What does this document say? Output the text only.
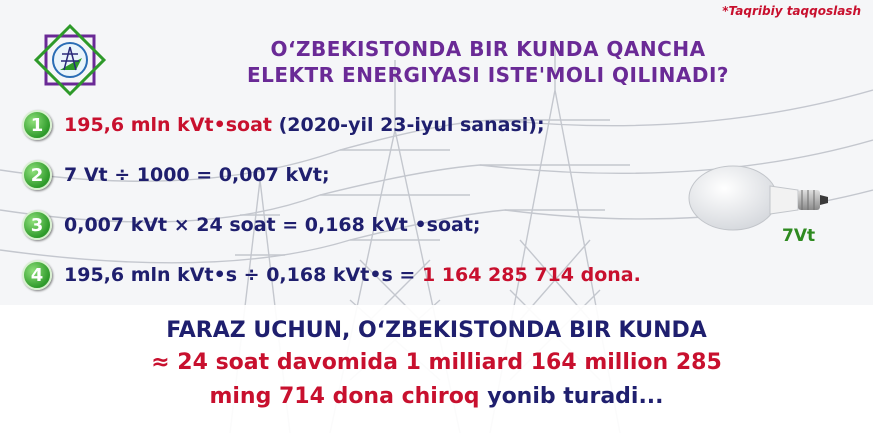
*Taqribiy taqqoslash
O‘ZBEKISTONDA BIR KUNDA QANCHA
ELEKTR ENERGIYASI ISTE'MOLI QILINADI?
1	195,6 mln kVt•soat (2020-yil 23-iyul sanasi);
2	7 Vt ÷ 1000 = 0,007 kVt;
3	0,007 kVt × 24 soat = 0,168 kVt •soat;
4	195,6 mln kVt•s ÷ 0,168 kVt•s = 1 164 285 714 dona.
7Vt
FARAZ UCHUN, O‘ZBEKISTONDA BIR KUNDA
≈ 24 soat davomida 1 milliard 164 million 285
ming 714 dona chiroq yonib turadi...
